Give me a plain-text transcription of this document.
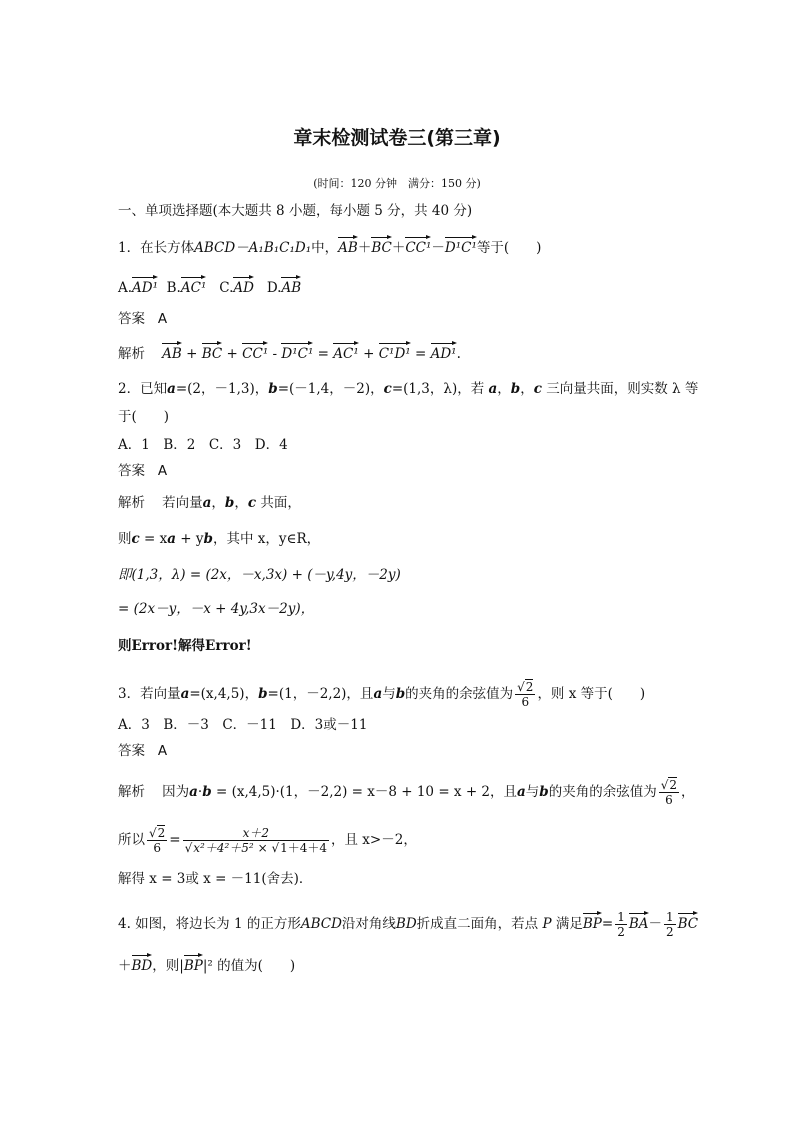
章末检测试卷三(第三章)
(时间：120 分钟　满分：150 分)
一、单项选择题(本大题共 8 小题，每小题 5 分，共 40 分)
1．在长方体ABCD－A₁B₁C₁D₁中，AB＋BC＋CC¹－D¹C¹等于(　　)
A.AD¹ B.AC¹ C.AD D.AB
答案 A
解析 AB + BC + CC¹ - D¹C¹ = AC¹ + C¹D¹ = AD¹.
2．已知a=(2，－1,3)，b=(－1,4，－2)，c=(1,3，λ)，若 a，b，c 三向量共面，则实数 λ 等
于(　　)
A．1　B．2　C．3　D．4
答案 A
解析 若向量a，b，c 共面，
则c = xa + yb，其中 x，y∈R，
即(1,3，λ) = (2x，－x,3x) + (－y,4y，－2y)
= (2x－y，－x + 4y,3x－2y)，
则Error!解得Error!
3．若向量a=(x,4,5)，b=(1，－2,2)，且a与b的夹角的余弦值为 $\frac{√2}{6}$ ，则 x 等于(　　)
A．3　B．－3　C．－11　D．3或－11
答案 A
解析 因为a·b = (x,4,5)·(1，－2,2) = x－8 + 10 = x + 2，且a与b的夹角的余弦值为 $\frac{√2}{6}$ ，
所以 $\frac{√2}{6} = \frac{x+2}{\text{√x²＋4²＋5² × √1＋4＋4}}$ ，且 x>－2，
解得 x = 3或 x = －11(舍去)．
4. 如图，将边长为 1 的正方形ABCD沿对角线BD折成直二面角，若点 P 满足$BP= \frac{1}{2} BA- \frac{1}{2}$ BC
＋BD，则|BP|² 的值为(　　)
